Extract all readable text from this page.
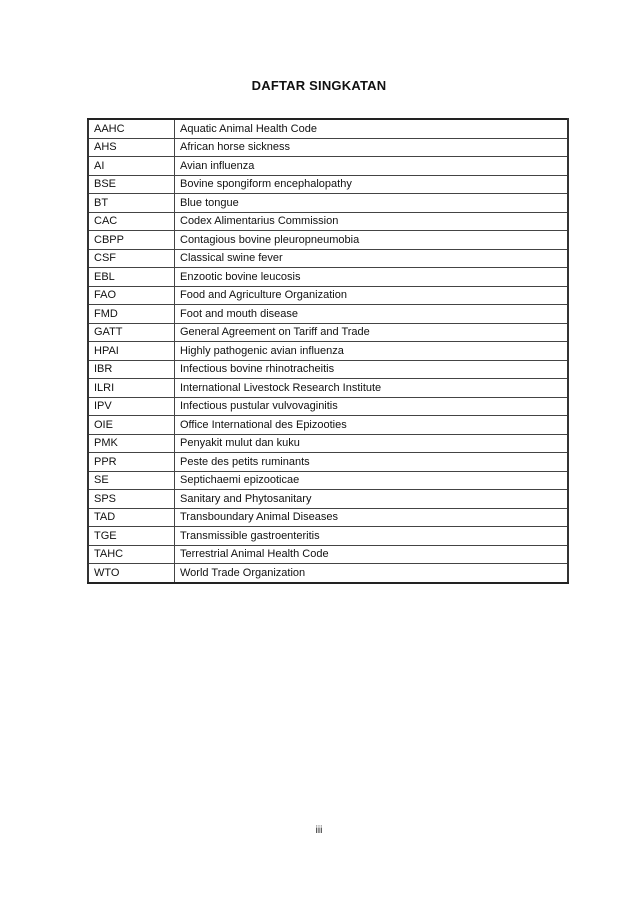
DAFTAR SINGKATAN
AAHC	Aquatic Animal Health Code
AHS	African horse sickness
AI	Avian influenza
BSE	Bovine spongiform encephalopathy
BT	Blue tongue
CAC	Codex Alimentarius Commission
CBPP	Contagious bovine pleuropneumobia
CSF	Classical swine fever
EBL	Enzootic bovine leucosis
FAO	Food and Agriculture Organization
FMD	Foot and mouth disease
GATT	General Agreement on Tariff and Trade
HPAI	Highly pathogenic avian influenza
IBR	Infectious bovine rhinotracheitis
ILRI	International Livestock Research Institute
IPV	Infectious pustular vulvovaginitis
OIE	Office International des Epizooties
PMK	Penyakit mulut dan kuku
PPR	Peste des petits ruminants
SE	Septichaemi epizooticae
SPS	Sanitary and Phytosanitary
TAD	Transboundary Animal Diseases
TGE	Transmissible gastroenteritis
TAHC	Terrestrial Animal Health Code
WTO	World Trade Organization
iii
